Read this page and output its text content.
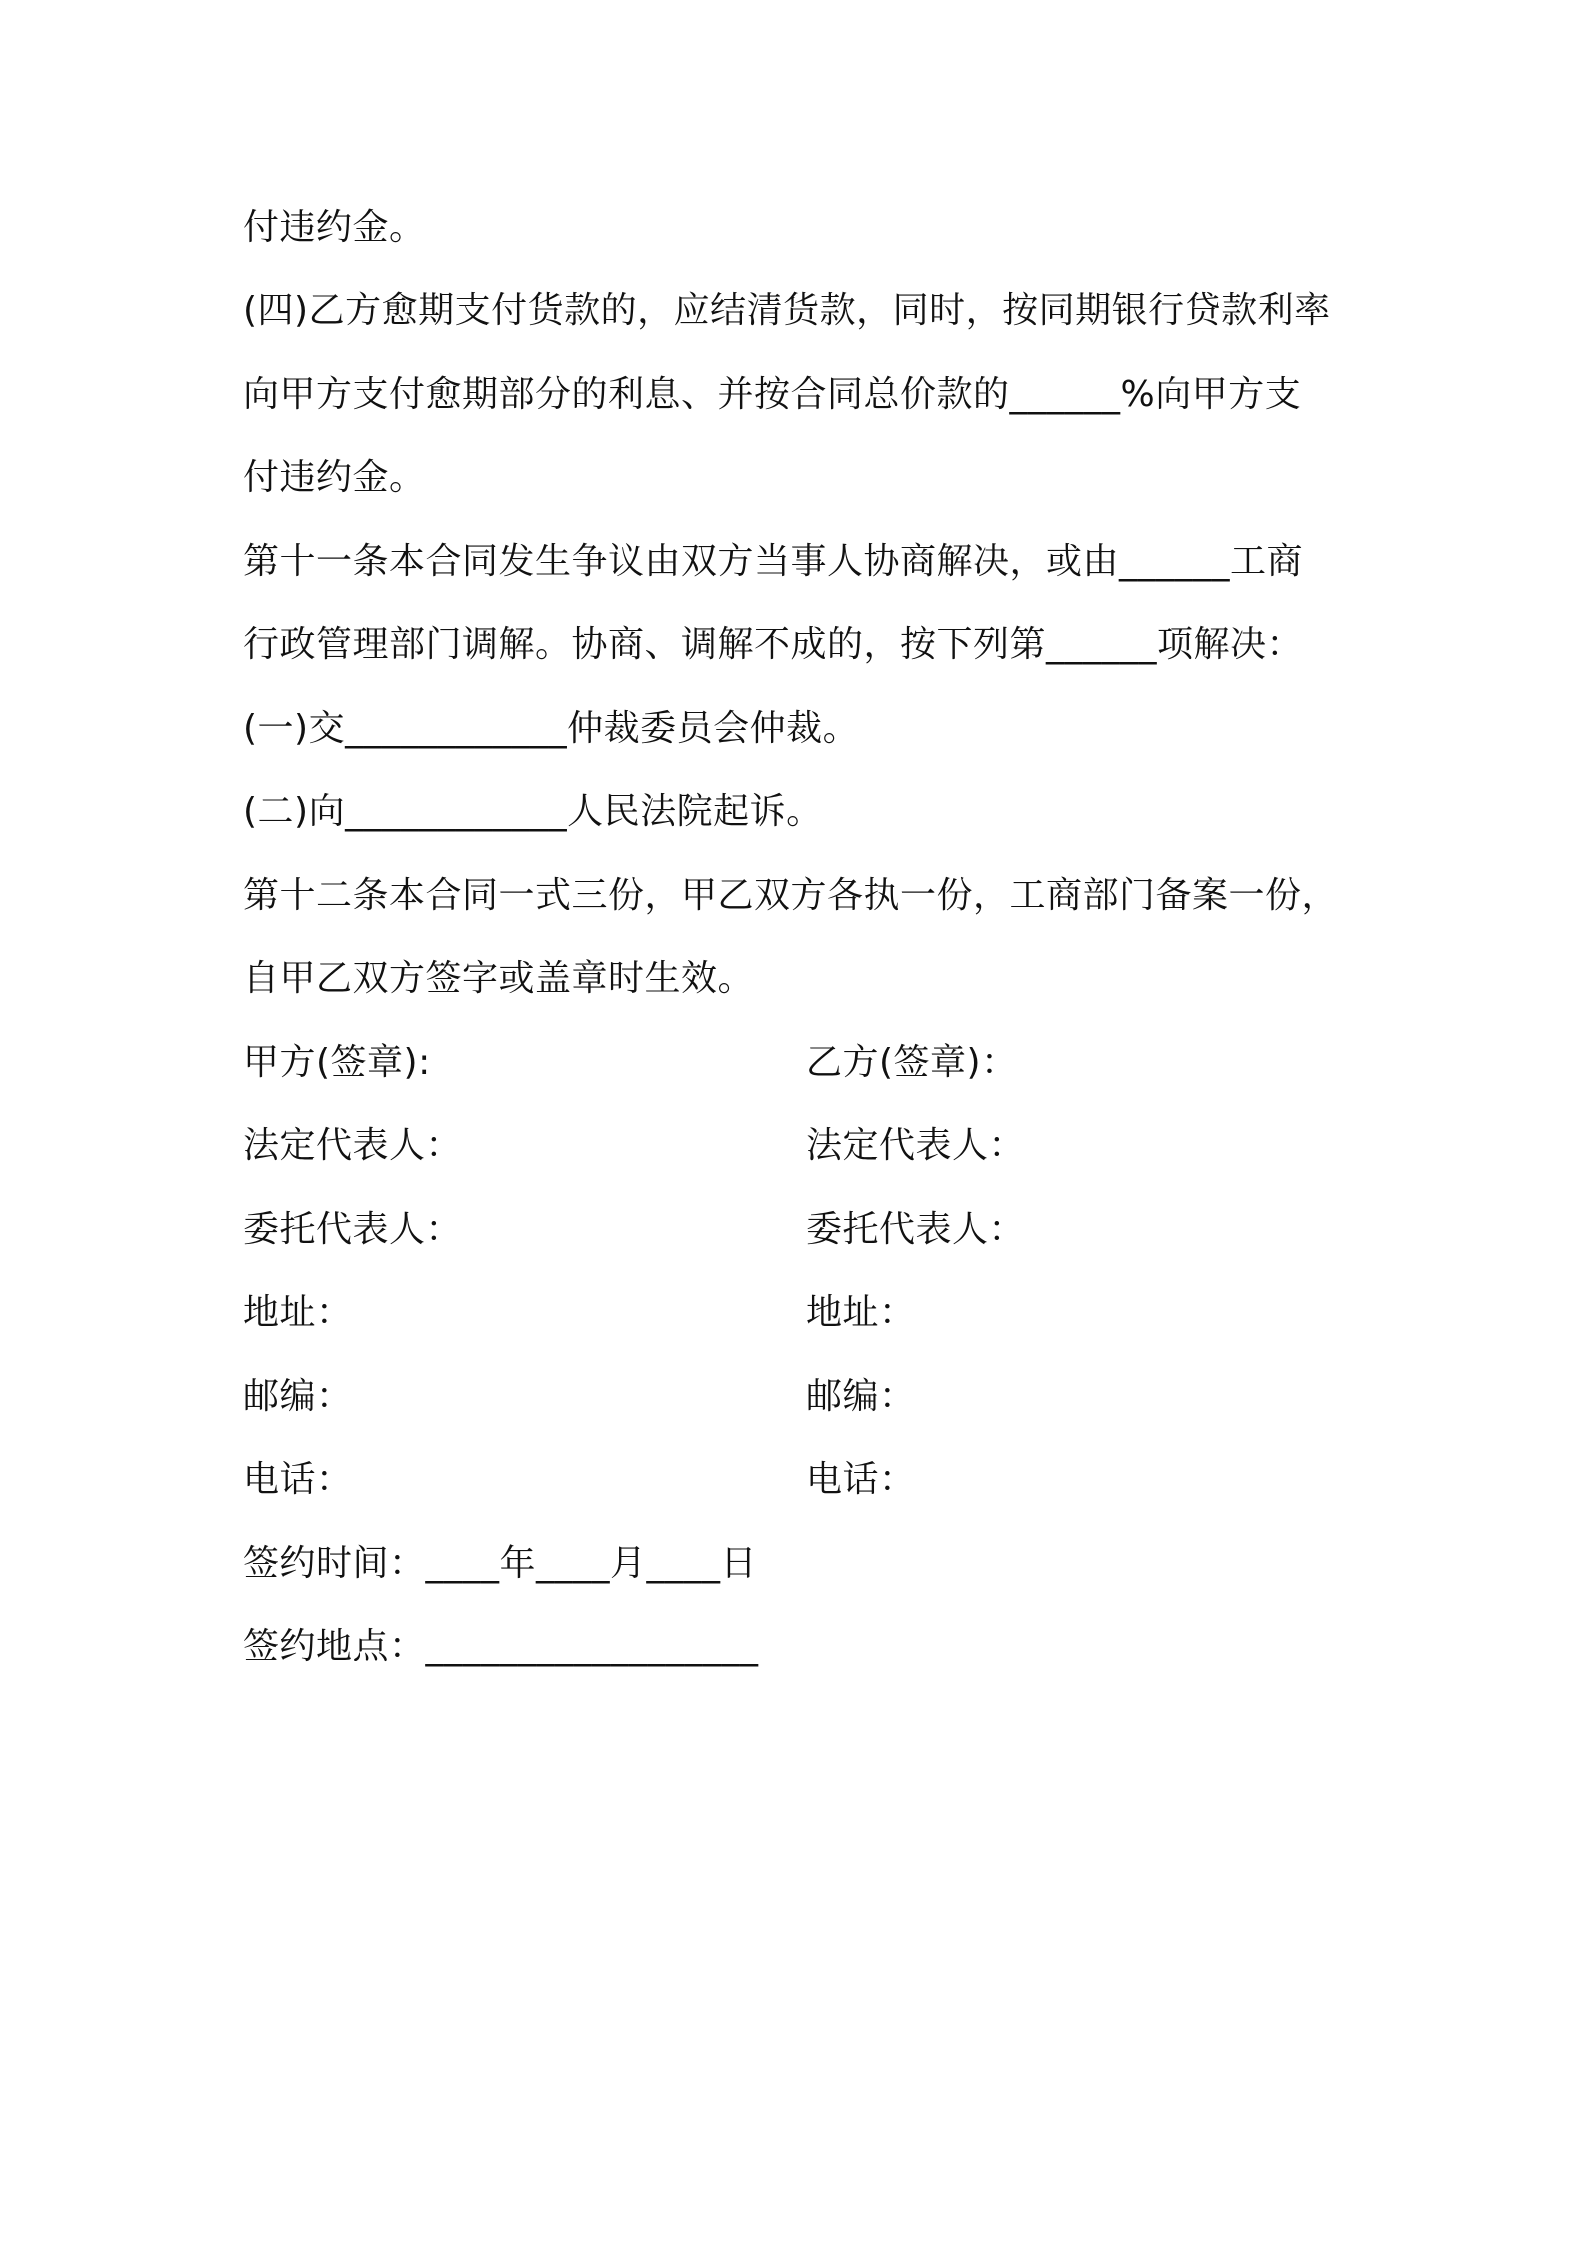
付违约金。
(四)乙方愈期支付货款的，应结清货款，同时，按同期银行贷款利率
向甲方支付愈期部分的利息、并按合同总价款的______%向甲方支
付违约金。
第十一条本合同发生争议由双方当事人协商解决，或由______工商
行政管理部门调解。协商、调解不成的，按下列第______项解决：
(一)交____________仲裁委员会仲裁。
(二)向____________人民法院起诉。
第十二条本合同一式三份，甲乙双方各执一份，工商部门备案一份，
自甲乙双方签字或盖章时生效。
甲方(签章):	乙方(签章)：
法定代表人：	法定代表人：
委托代表人：	委托代表人：
地址：	地址：
邮编：	邮编：
电话：	电话：
签约时间：____年____月____日
签约地点：__________________
